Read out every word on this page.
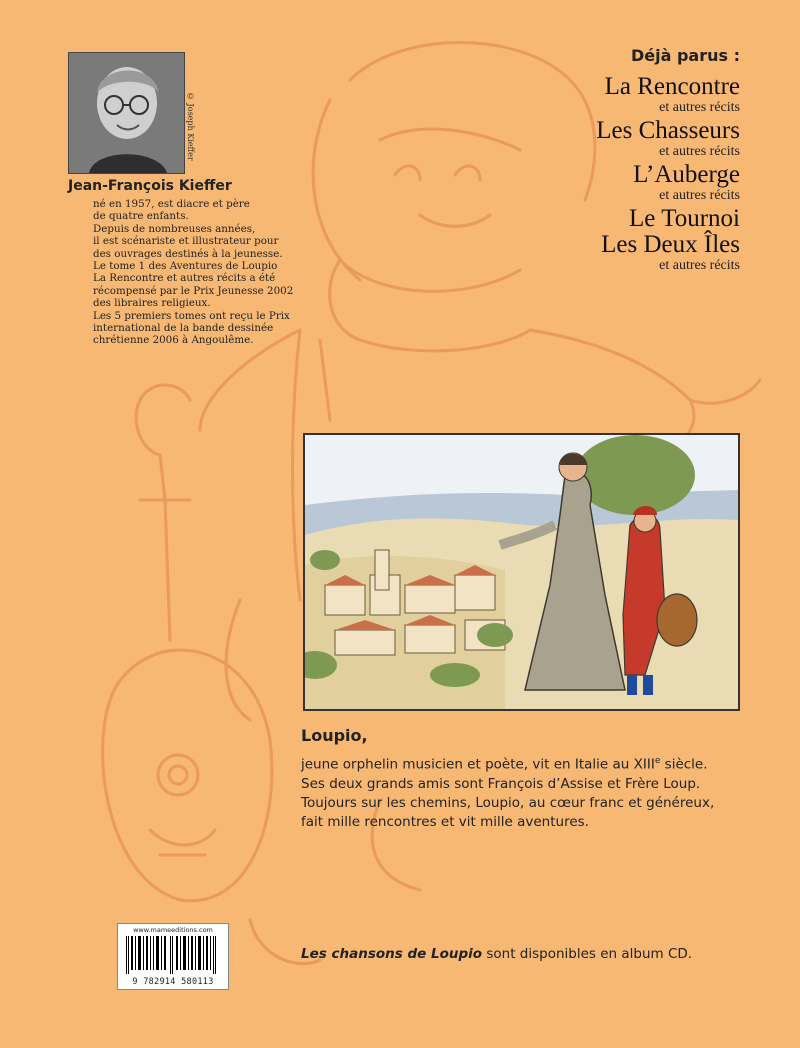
© Joseph Kieffer
Jean-François Kieffer

né en 1957, est diacre et père

de quatre enfants.

Depuis de nombreuses années,

il est scénariste et illustrateur pour

des ouvrages destinés à la jeunesse.

Le tome 1 des Aventures de Loupio

La Rencontre et autres récits a été

récompensé par le Prix Jeunesse 2002

des libraires religieux.

Les 5 premiers tomes ont reçu le Prix

international de la bande dessinée

chrétienne 2006 à Angoulême.

Déjà parus :
La Rencontre
et autres récits
Les Chasseurs
et autres récits
L’Auberge
et autres récits
Le Tournoi
Les Deux Îles
et autres récits
Loupio,
jeune orphelin musicien et poète, vit en Italie au XIIIe siècle.
Ses deux grands amis sont François d’Assise et Frère Loup.
Toujours sur les chemins, Loupio, au cœur franc et généreux,
fait mille rencontres et vit mille aventures.
www.mameeditions.com
9 782914 580113
Les chansons de Loupio sont disponibles en album CD.
